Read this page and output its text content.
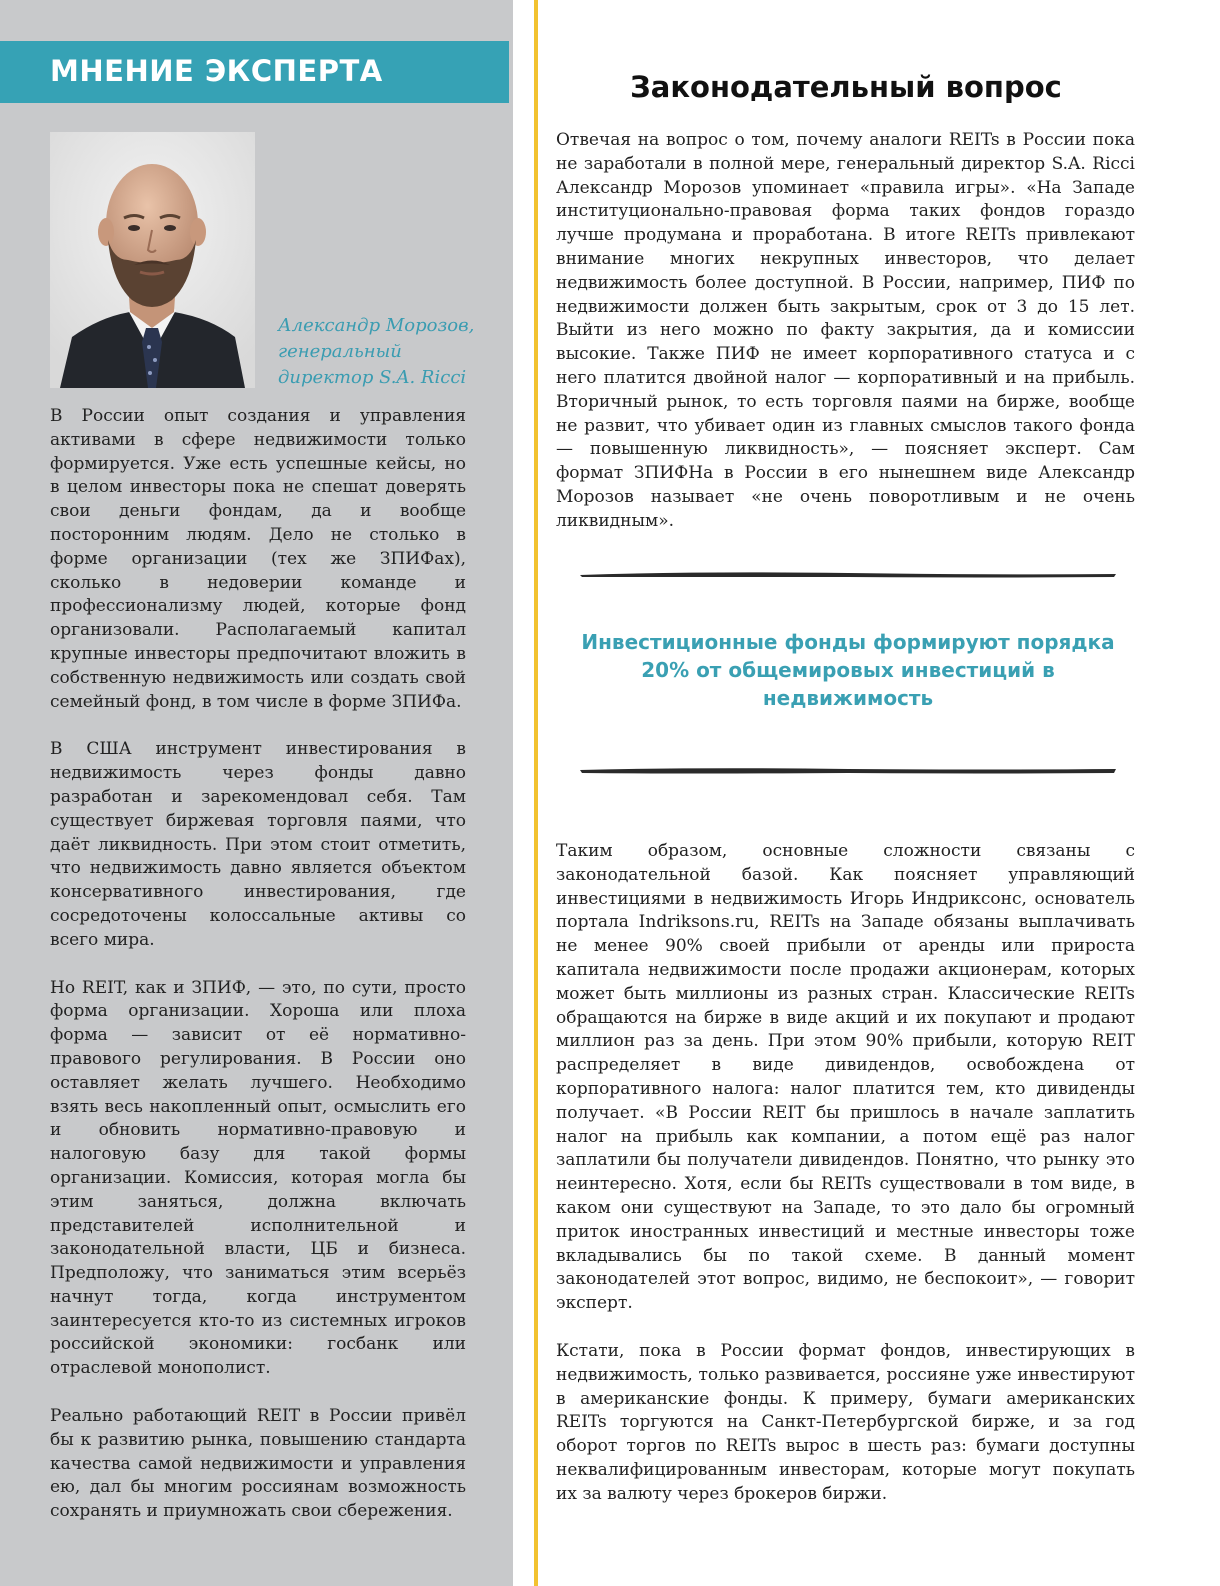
МНЕНИЕ ЭКСПЕРТА
Александр Морозов,
генеральный
директор S.A. Ricci

В России опыт создания и управления активами в сфере недвижимости только формируется. Уже есть успешные кейсы, но в целом инвесторы пока не спешат доверять свои деньги фондам, да и вообще посторонним людям. Дело не столько в форме организации (тех же ЗПИФах), сколько в недоверии команде и профессионализму людей, которые фонд организовали. Располагаемый капитал крупные инвесторы предпочитают вложить в собственную недвижимость или создать свой семейный фонд, в том числе в форме ЗПИФа.

В США инструмент инвестирования в недвижимость через фонды давно разработан и зарекомендовал себя. Там существует биржевая торговля паями, что даёт ликвидность. При этом стоит отметить, что недвижимость давно является объектом консервативного инвестирования, где сосредоточены колоссальные активы со всего мира.

Но REIT, как и ЗПИФ, — это, по сути, просто форма организации. Хороша или плоха форма — зависит от её нормативно-правового регулирования. В России оно оставляет желать лучшего. Необходимо взять весь накопленный опыт, осмыслить его и обновить нормативно-правовую и налоговую базу для такой формы организации. Комиссия, которая могла бы этим заняться, должна включать представителей исполнительной и законодательной власти, ЦБ и бизнеса. Предположу, что заниматься этим всерьёз начнут тогда, когда инструментом заинтересуется кто-то из системных игроков российской экономики: госбанк или отраслевой монополист.

Реально работающий REIT в России привёл бы к развитию рынка, повышению стандарта качества самой недвижимости и управления ею, дал бы многим россиянам возможность сохранять и приумножать свои сбережения.

Законодательный вопрос

Отвечая на вопрос о том, почему аналоги REITs в России пока не заработали в полной мере, генеральный директор S.A. Ricci Александр Морозов упоминает «правила игры». «На Западе институционально-правовая форма таких фондов гораздо лучше продумана и проработана. В итоге REITs привлекают внимание многих некрупных инвесторов, что делает недвижимость более доступной. В России, например, ПИФ по недвижимости должен быть закрытым, срок от 3 до 15 лет. Выйти из него можно по факту закрытия, да и комиссии высокие. Также ПИФ не имеет корпоративного статуса и с него платится двойной налог — корпоративный и на прибыль. Вторичный рынок, то есть торговля паями на бирже, вообще не развит, что убивает один из главных смыслов такого фонда — повышенную ликвидность», — поясняет эксперт. Сам формат ЗПИФНа в России в его нынешнем виде Александр Морозов называет «не очень поворотливым и не очень ликвидным».

Инвестиционные фонды формируют порядка
20% от общемировых инвестиций в
недвижимость

Таким образом, основные сложности связаны с законодательной базой. Как поясняет управляющий инвестициями в недвижимость Игорь Индриксонс, основатель портала Indriksons.ru, REITs на Западе обязаны выплачивать не менее 90% своей прибыли от аренды или прироста капитала недвижимости после продажи акционерам, которых может быть миллионы из разных стран. Классические REITs обращаются на бирже в виде акций и их покупают и продают миллион раз за день. При этом 90% прибыли, которую REIT распределяет в виде дивидендов, освобождена от корпоративного налога: налог платится тем, кто дивиденды получает. «В России REIT бы пришлось в начале заплатить налог на прибыль как компании, а потом ещё раз налог заплатили бы получатели дивидендов. Понятно, что рынку это неинтересно. Хотя, если бы REITs существовали в том виде, в каком они существуют на Западе, то это дало бы огромный приток иностранных инвестиций и местные инвесторы тоже вкладывались бы по такой схеме. В данный момент законодателей этот вопрос, видимо, не беспокоит», — говорит эксперт.

Кстати, пока в России формат фондов, инвестирующих в недвижимость, только развивается, россияне уже инвестируют в американские фонды. К примеру, бумаги американских REITs торгуются на Санкт-Петербургской бирже, и за год оборот торгов по REITs вырос в шесть раз: бумаги доступны неквалифицированным инвесторам, которые могут покупать их за валюту через брокеров биржи.
